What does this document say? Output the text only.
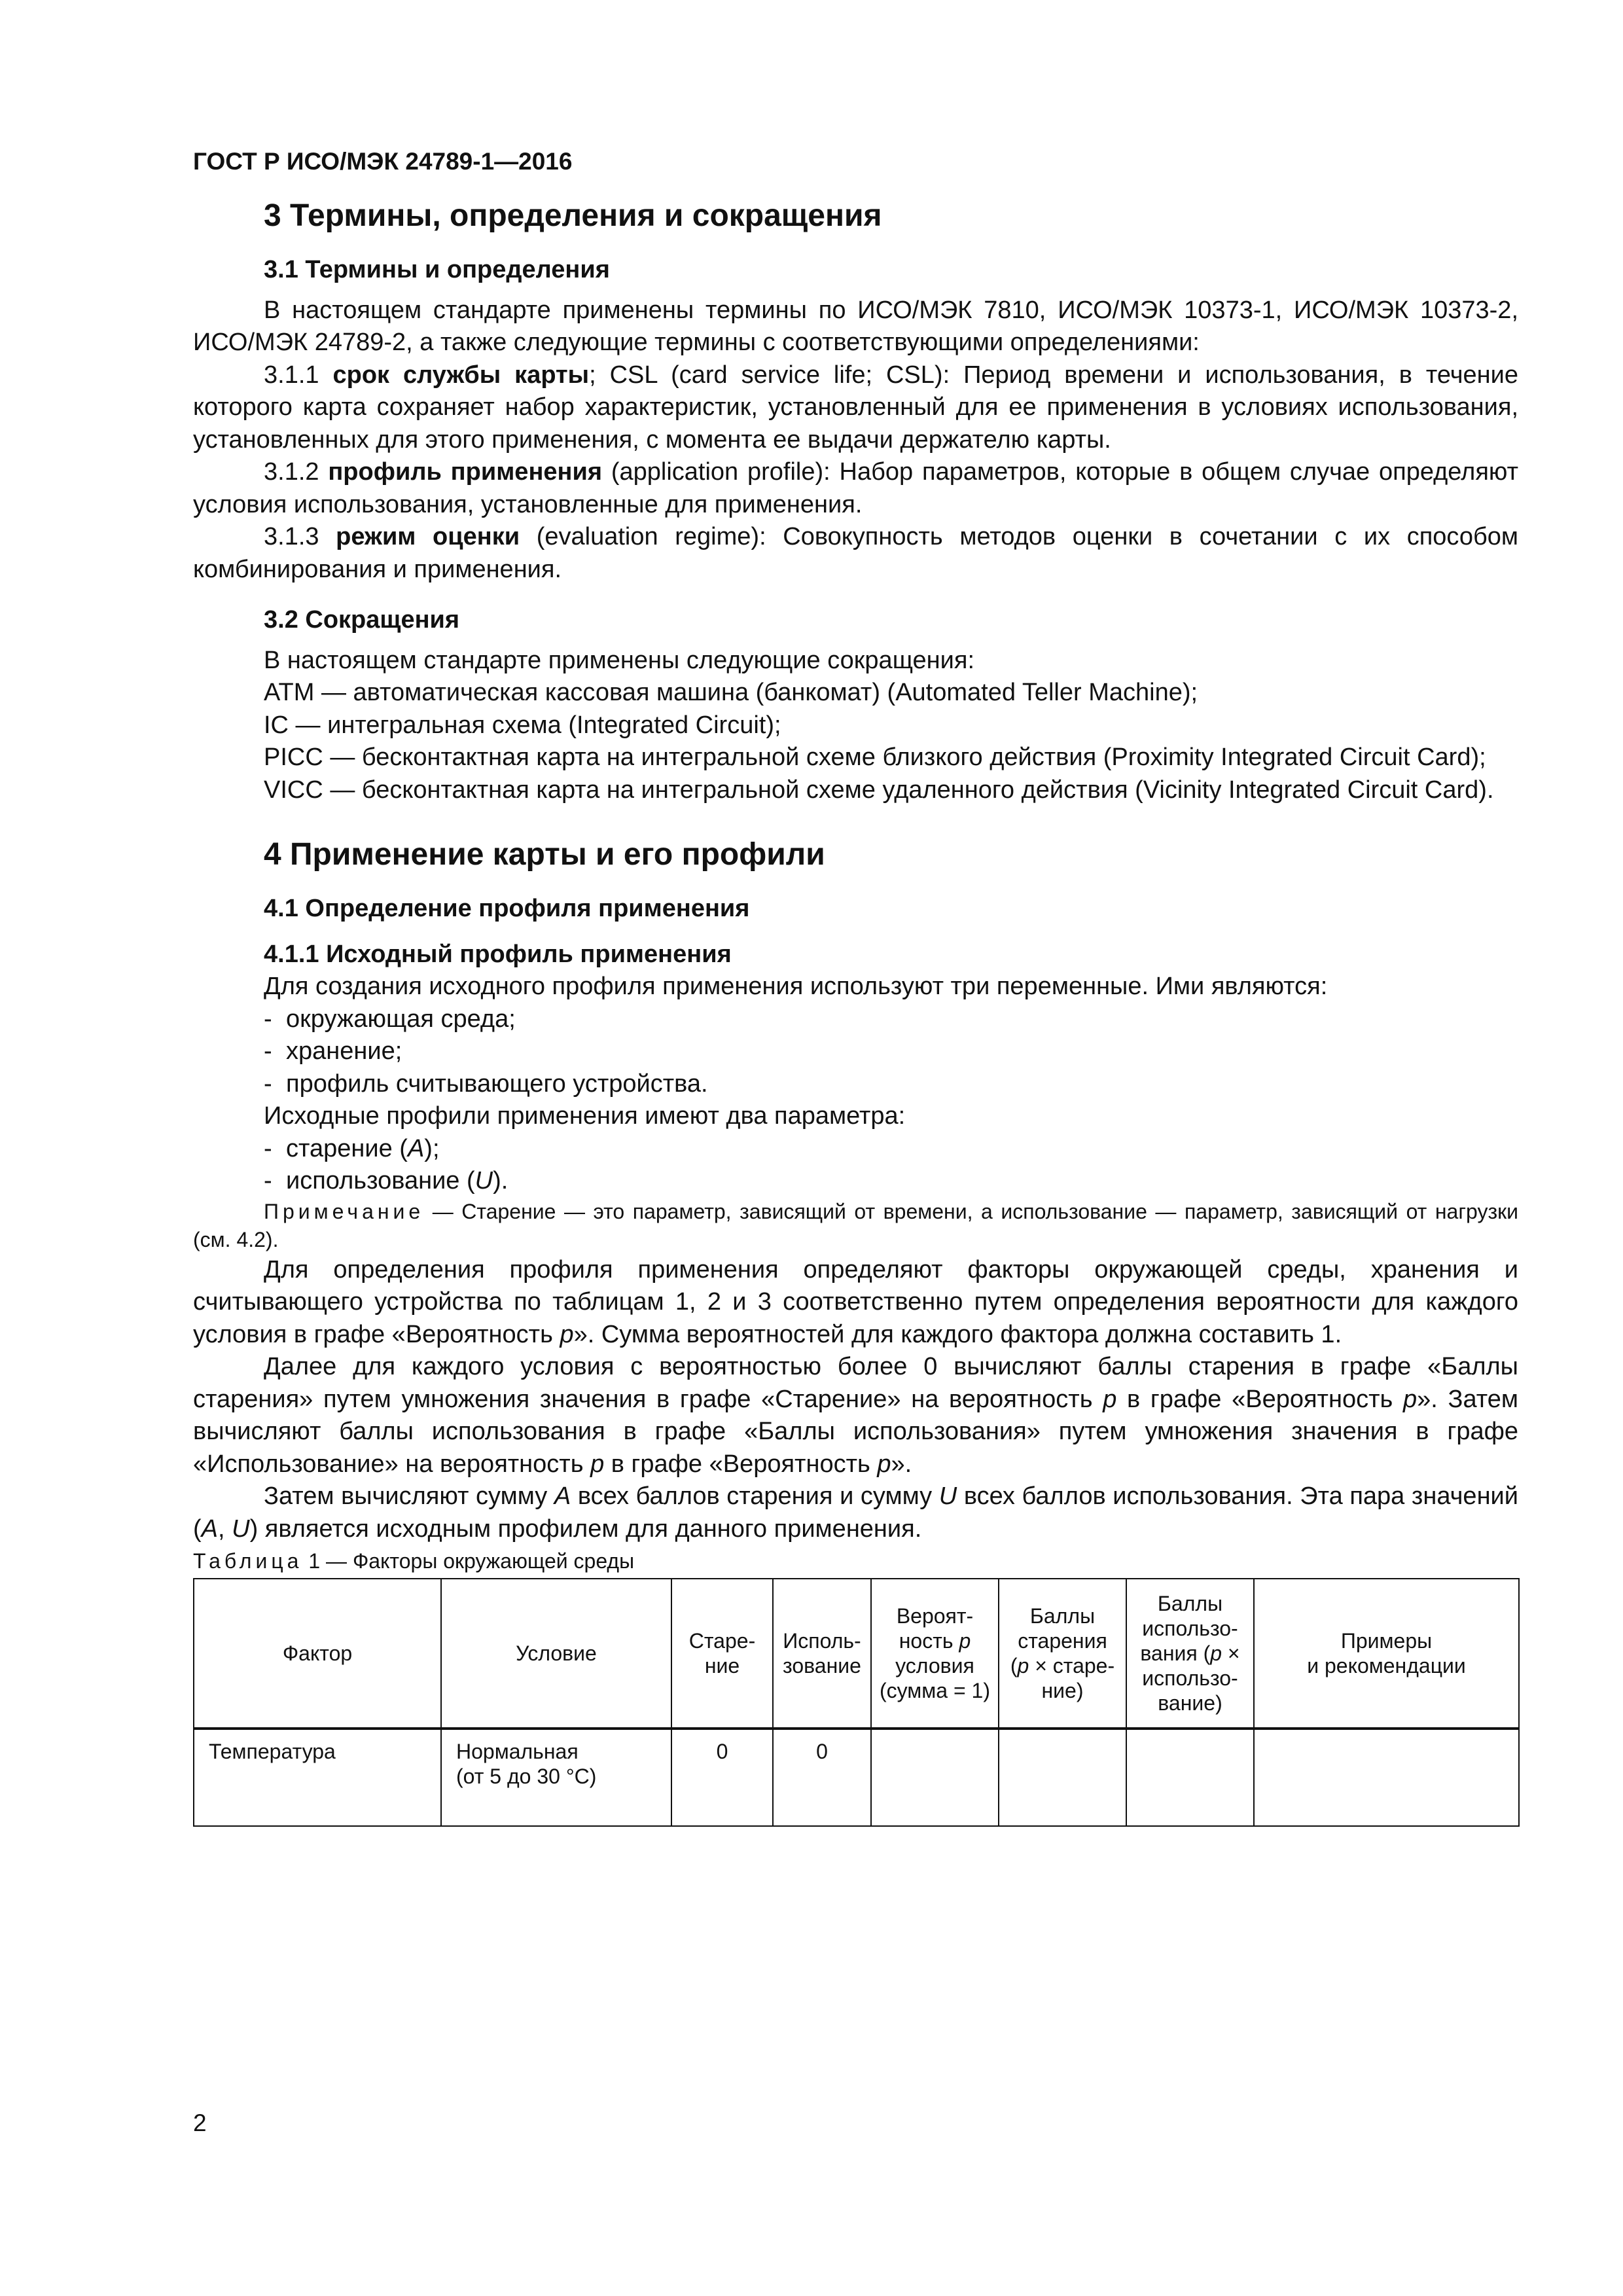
ГОСТ Р ИСО/МЭК 24789-1—2016

3 Термины, определения и сокращения
3.1 Термины и определения

В настоящем стандарте применены термины по ИСО/МЭК 7810, ИСО/МЭК 10373-1, ИСО/МЭК 10373-2, ИСО/МЭК 24789-2, а также следующие термины с соответствующими определениями:

3.1.1 срок службы карты; CSL (card service life; CSL): Период времени и использования, в течение которого карта сохраняет набор характеристик, установленный для ее применения в условиях использования, установленных для этого применения, с момента ее выдачи держателю карты.

3.1.2 профиль применения (application profile): Набор параметров, которые в общем случае определяют условия использования, установленные для применения.

3.1.3 режим оценки (evaluation regime): Совокупность методов оценки в сочетании с их способом комбинирования и применения.

3.2 Сокращения

В настоящем стандарте применены следующие сокращения:

ATM — автоматическая кассовая машина (банкомат) (Automated Teller Machine);

IC — интегральная схема (Integrated Circuit);

PICC — бесконтактная карта на интегральной схеме близкого действия (Proximity Integrated Circuit Card);

VICC — бесконтактная карта на интегральной схеме удаленного действия (Vicinity Integrated Circuit Card).

4 Применение карты и его профили
4.1 Определение профиля применения
4.1.1 Исходный профиль применения

Для создания исходного профиля применения используют три переменные. Ими являются:

- окружающая среда;
- хранение;
- профиль считывающего устройства.

Исходные профили применения имеют два параметра:

- старение (A);
- использование (U).

Примечание — Старение — это параметр, зависящий от времени, а использование — параметр, зависящий от нагрузки (см. 4.2).

Для определения профиля применения определяют факторы окружающей среды, хранения и считывающего устройства по таблицам 1, 2 и 3 соответственно путем определения вероятности для каждого условия в графе «Вероятность p». Сумма вероятностей для каждого фактора должна составить 1.

Далее для каждого условия с вероятностью более 0 вычисляют баллы старения в графе «Баллы старения» путем умножения значения в графе «Старение» на вероятность p в графе «Вероятность p». Затем вычисляют баллы использования в графе «Баллы использования» путем умножения значения в графе «Использование» на вероятность p в графе «Вероятность p».

Затем вычисляют сумму A всех баллов старения и сумму U всех баллов использования. Эта пара значений (A, U) является исходным профилем для данного применения.

Таблица 1 — Факторы окружающей среды

Фактор	Условие	Старе-
ние	Исполь-
зование	Вероят-
ность p
условия
(сумма = 1)	Баллы
старения
(p × старе-
ние)	Баллы
использо-
вания (p ×
использо-
вание)	Примеры
и рекомендации
Температура	Нормальная
(от 5 до 30 °C)	0	0				

2
